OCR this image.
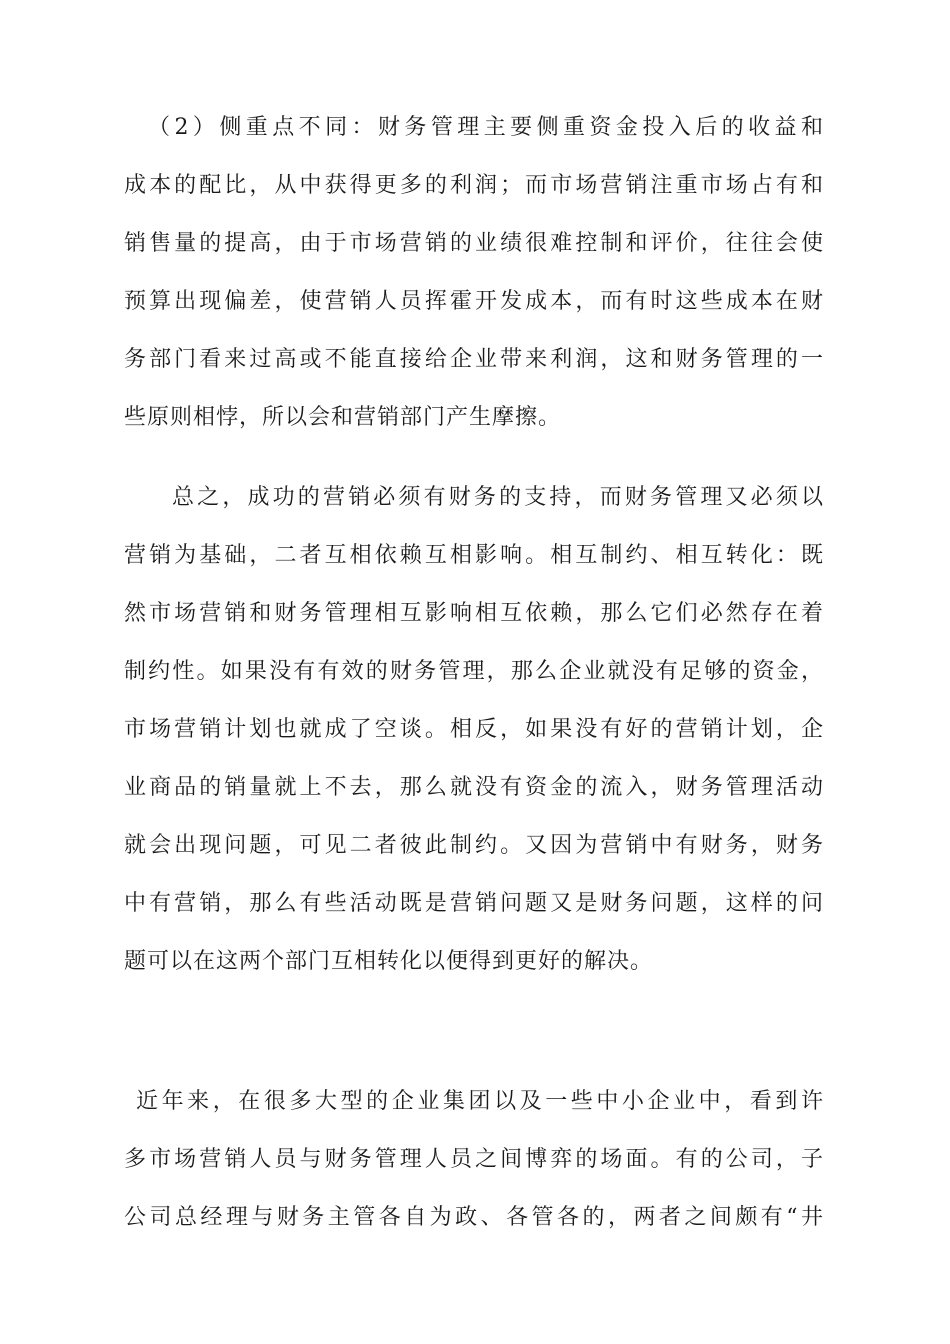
（2）侧重点不同：财务管理主要侧重资金投入后的收益和
成本的配比，从中获得更多的利润；而市场营销注重市场占有和
销售量的提高，由于市场营销的业绩很难控制和评价，往往会使
预算出现偏差，使营销人员挥霍开发成本，而有时这些成本在财
务部门看来过高或不能直接给企业带来利润，这和财务管理的一
些原则相悖，所以会和营销部门产生摩擦。
总之，成功的营销必须有财务的支持，而财务管理又必须以
营销为基础，二者互相依赖互相影响。相互制约、相互转化：既
然市场营销和财务管理相互影响相互依赖，那么它们必然存在着
制约性。如果没有有效的财务管理，那么企业就没有足够的资金，
市场营销计划也就成了空谈。相反，如果没有好的营销计划，企
业商品的销量就上不去，那么就没有资金的流入，财务管理活动
就会出现问题，可见二者彼此制约。又因为营销中有财务，财务
中有营销，那么有些活动既是营销问题又是财务问题，这样的问
题可以在这两个部门互相转化以便得到更好的解决。
近年来，在很多大型的企业集团以及一些中小企业中，看到许
多市场营销人员与财务管理人员之间博弈的场面。有的公司，子
公司总经理与财务主管各自为政、各管各的，两者之间颇有“井
